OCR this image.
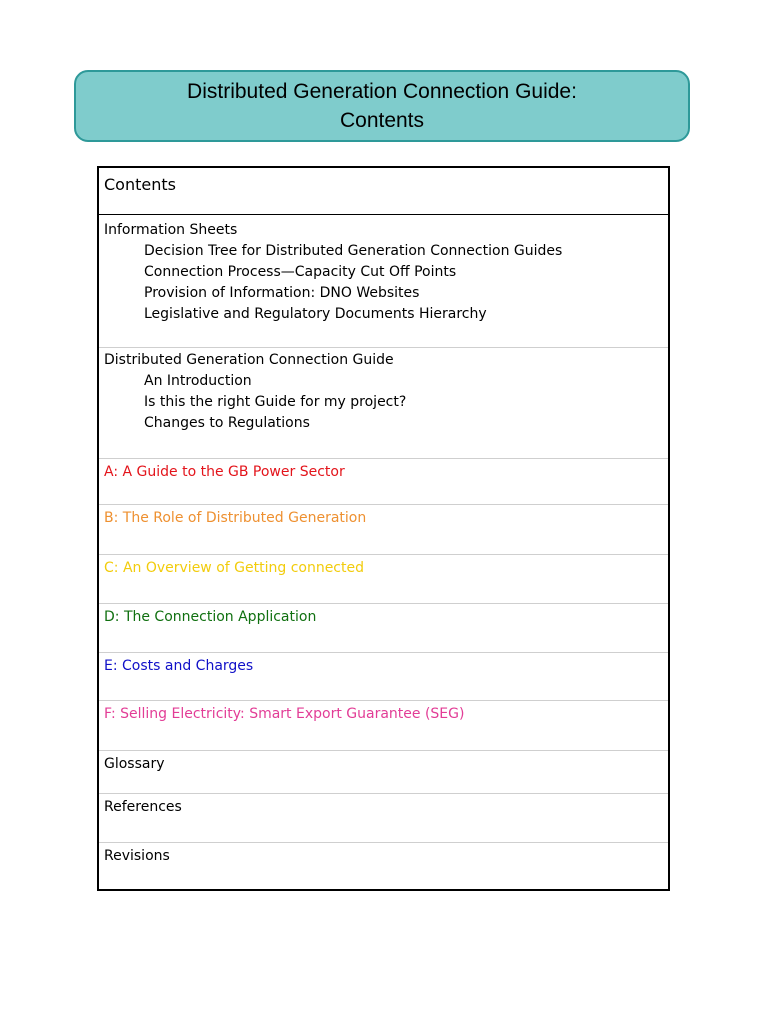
Distributed Generation Connection Guide:
Contents
Contents
Information Sheets
Decision Tree for Distributed Generation Connection Guides
Connection Process—Capacity Cut Off Points
Provision of Information: DNO Websites
Legislative and Regulatory Documents Hierarchy
Distributed Generation Connection Guide
An Introduction
Is this the right Guide for my project?
Changes to Regulations
A: A Guide to the GB Power Sector
B: The Role of Distributed Generation
C: An Overview of Getting connected
D: The Connection Application
E: Costs and Charges
F: Selling Electricity: Smart Export Guarantee (SEG)
Glossary
References
Revisions
